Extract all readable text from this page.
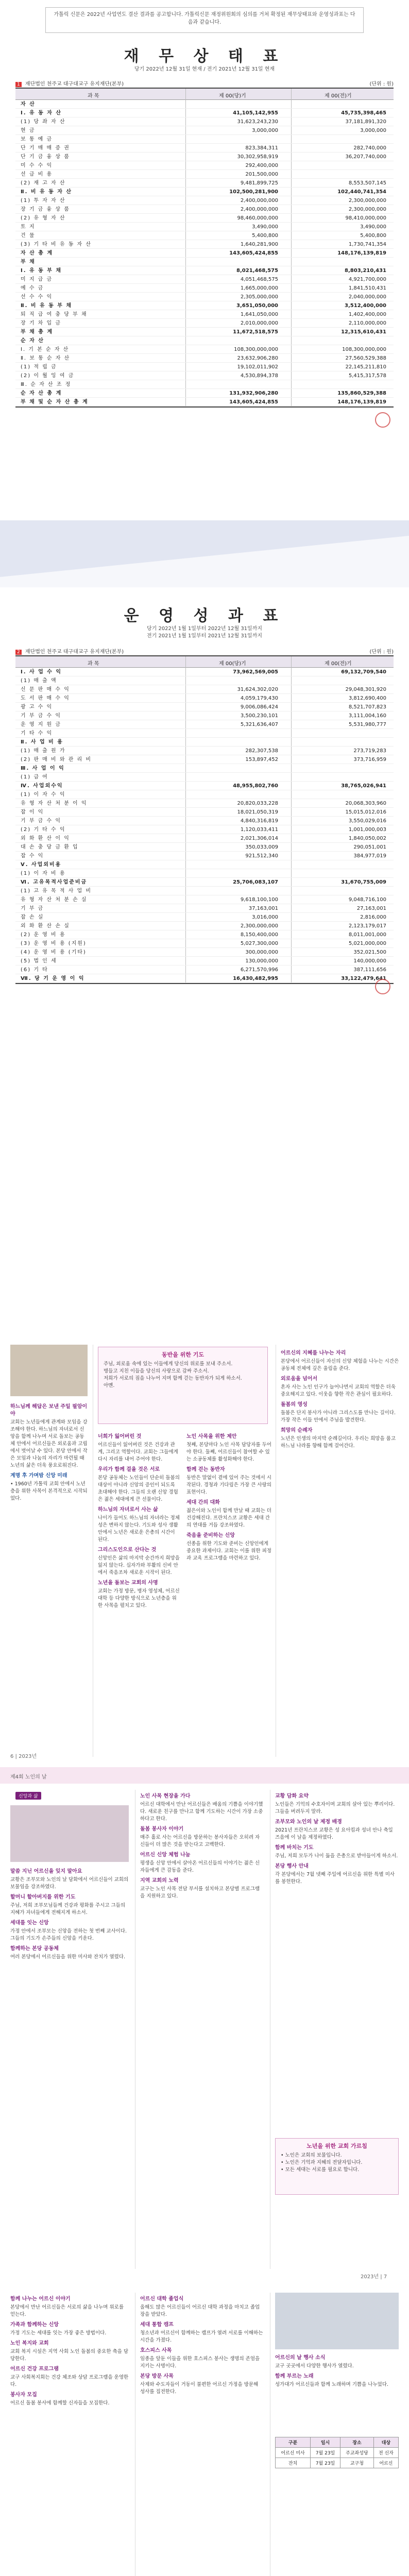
가톨릭 신문은 2022년 사업연도 결산 결과를 공고합니다. 가톨릭신문 재정위원회의 심의를 거쳐 확정된 재무상태표와 운영성과표는 다음과 같습니다.
재 무 상 태 표
당기 2022년 12월 31일 현재 / 전기 2021년 12월 31일 현재
1 재단법인 천주교 대구대교구 유지재단(본부)	(단위 : 원)
과 목	제 00(당)기	제 00(전)기
자 산
Ⅰ. 유 동 자 산	41,105,142,955	45,735,398,465
(1) 당 좌 자 산	31,623,243,230	37,181,891,320
현 금	3,000,000	3,000,000
보 통 예 금
단 기 매 매 증 권	823,384,311	282,740,000
단 기 금 융 상 품	30,302,958,919	36,207,740,000
미 수 수 익	292,400,000
선 급 비 용	201,500,000
(2) 재 고 자 산	9,481,899,725	8,553,507,145
Ⅱ. 비 유 동 자 산	102,500,281,900	102,440,741,354
(1) 투 자 자 산	2,400,000,000	2,300,000,000
장 기 금 융 상 품	2,400,000,000	2,300,000,000
(2) 유 형 자 산	98,460,000,000	98,410,000,000
토 지	3,490,000	3,490,000
건 물	5,400,800	5,400,800
(3) 기 타 비 유 동 자 산	1,640,281,900	1,730,741,354
자 산 총 계	143,605,424,855	148,176,139,819
부 채
Ⅰ. 유 동 부 채	8,021,468,575	8,803,210,431
미 지 급 금	4,051,468,575	4,921,700,000
예 수 금	1,665,000,000	1,841,510,431
선 수 수 익	2,305,000,000	2,040,000,000
Ⅱ. 비 유 동 부 채	3,651,050,000	3,512,400,000
퇴 직 급 여 충 당 부 채	1,641,050,000	1,402,400,000
장 기 차 입 금	2,010,000,000	2,110,000,000
부 채 총 계	11,672,518,575	12,315,610,431
순 자 산
Ⅰ. 기 본 순 자 산	108,300,000,000	108,300,000,000
Ⅱ. 보 통 순 자 산	23,632,906,280	27,560,529,388
(1) 적 립 금	19,102,011,902	22,145,211,810
(2) 이 월 잉 여 금	4,530,894,378	5,415,317,578
Ⅲ. 순 자 산 조 정
순 자 산 총 계	131,932,906,280	135,860,529,388
부 채 및 순 자 산 총 계	143,605,424,855	148,176,139,819
운 영 성 과 표
당기 2022년 1월 1일부터 2022년 12월 31일까지
전기 2021년 1월 1일부터 2021년 12월 31일까지
2 재단법인 천주교 대구대교구 유지재단(본부)	(단위 : 원)
과 목	제 00(당)기	제 00(전)기
Ⅰ. 사 업 수 익	73,962,569,005	69,132,709,540
(1) 매 출 액
신 문 판 매 수 익	31,624,302,020	29,048,301,920
도 서 판 매 수 익	4,059,179,430	3,812,690,400
광 고 수 익	9,006,086,424	8,521,707,823
기 부 금 수 익	3,500,230,101	3,111,004,160
운 영 지 원 금	5,321,636,407	5,531,980,777
기 타 수 익
Ⅱ. 사 업 비 용
(1) 매 출 원 가	282,307,538	273,719,283
(2) 판 매 비 와 관 리 비	153,897,452	373,716,959
Ⅲ. 사 업 이 익
(1) 급 여
Ⅳ. 사업외수익	48,955,802,760	38,765,026,941
(1) 이 자 수 익
유 형 자 산 처 분 이 익	20,820,033,228	20,068,303,960
잡 이 익	18,021,050,319	15,015,012,016
기 부 금 수 익	4,840,316,819	3,550,029,016
(2) 기 타 수 익	1,120,033,411	1,001,000,003
외 화 환 산 이 익	2,021,306,014	1,840,050,002
대 손 충 당 금 환 입	350,033,009	290,051,001
잡 수 익	921,512,340	384,977,019
Ⅴ. 사업외비용
(1) 이 자 비 용
Ⅵ. 고유목적사업준비금	25,706,083,107	31,670,755,009
(1) 고 유 목 적 사 업 비
유 형 자 산 처 분 손 실	9,618,100,100	9,048,716,100
기 부 금	37,163,001	27,163,001
잡 손 실	3,016,000	2,816,000
외 화 환 산 손 실	2,300,000,000	2,123,179,017
(2) 운 영 비 용	8,150,400,000	8,011,001,000
(3) 운 영 비 용 (지원)	5,027,300,000	5,021,000,000
(4) 운 영 비 용 (기타)	300,000,000	352,021,500
(5) 법 인 세	130,000,000	140,000,000
(6) 기 타	6,271,570,996	387,111,656
Ⅶ. 당 기 운 영 이 익	16,430,482,995	33,122,479,641
하느님께 해답은 보낸 주일 필암이야

교회는 노년들에게 관계와 모임을 강조해야 한다. 하느님의 자녀로서 신앙을 함께 나누며 서로 돌보는 공동체 안에서 어르신들은 외로움과 고립에서 벗어날 수 있다. 본당 안에서 작은 모임과 나눔의 자리가 마련될 때 노년의 삶은 더욱 풍요로워진다.

계명 후 가며밤 신앙 미래

• 1960년 가톨릭 교회 안에서 노년층을 위한 사목이 본격적으로 시작되었다.

동반을 위한 기도

주님, 외로움 속에 있는 이들에게 당신의 위로를 보내 주소서.

병들고 지친 이들을 당신의 사랑으로 감싸 주소서.

저희가 서로의 짐을 나누어 지며 함께 걷는 동반자가 되게 하소서.

아멘.

너희가 잃어버린 것

어르신들이 잃어버린 것은 건강과 관계, 그리고 역할이다. 교회는 그들에게 다시 자리를 내어 주어야 한다.

우리가 함께 걸을 것은 서로

본당 공동체는 노인들이 단순히 돌봄의 대상이 아니라 신앙의 증인이 되도록 초대해야 한다. 그들의 오랜 신앙 경험은 젊은 세대에게 큰 선물이다.

하느님의 자녀로서 사는 삶

나이가 들어도 하느님의 자녀라는 정체성은 변하지 않는다. 기도와 성사 생활 안에서 노년은 새로운 은총의 시간이 된다.

그리스도인으로 산다는 것

신앙인은 삶의 마지막 순간까지 희망을 잃지 않는다. 십자가와 부활의 신비 안에서 죽음조차 새로운 시작이 된다.

노년을 돌보는 교회의 사명

교회는 가정 방문, 병자 영성체, 어르신 대학 등 다양한 방식으로 노년층을 위한 사목을 펼치고 있다.

노인 사목을 위한 제안

첫째, 본당마다 노인 사목 담당자를 두어야 한다. 둘째, 어르신들이 참여할 수 있는 소공동체를 활성화해야 한다.

함께 걷는 동반자

동반은 말없이 곁에 있어 주는 것에서 시작된다. 경청과 기다림은 가장 큰 사랑의 표현이다.

세대 간의 대화

젊은이와 노인이 함께 만날 때 교회는 더 건강해진다. 프란치스코 교황은 세대 간의 연대를 거듭 강조하였다.

죽음을 준비하는 신앙

선종을 위한 기도와 준비는 신앙인에게 중요한 과제이다. 교회는 이를 위한 피정과 교육 프로그램을 마련하고 있다.

어르신의 지혜를 나누는 자리

본당에서 어르신들이 자신의 신앙 체험을 나누는 시간은 공동체 전체에 깊은 울림을 준다.

외로움을 넘어서

혼자 사는 노인 인구가 늘어나면서 교회의 역할은 더욱 중요해지고 있다. 이웃을 향한 작은 관심이 필요하다.

돌봄의 영성

돌봄은 단지 봉사가 아니라 그리스도를 만나는 길이다. 가장 작은 이들 안에서 주님을 발견한다.

희망의 순례자

노년은 인생의 마지막 순례길이다. 우리는 희망을 품고 하느님 나라를 향해 함께 걸어간다.

6 | 2023년
제4회 노인의 날
신앙과 삶
말씀 지닌 어르신을 잊지 말아요

교황은 조부모와 노인의 날 담화에서 어르신들이 교회의 보물임을 강조하였다.

할머니 할아버지를 위한 기도

주님, 저희 조부모님들께 건강과 평화를 주시고 그들의 지혜가 자녀들에게 전해지게 하소서.

세대를 잇는 신앙

가정 안에서 조부모는 신앙을 전하는 첫 번째 교사이다. 그들의 기도가 손주들의 신앙을 키운다.

함께하는 본당 공동체

여러 본당에서 어르신들을 위한 미사와 잔치가 열렸다.

노인 사목 현장을 가다

어르신 대학에서 만난 어르신들은 배움의 기쁨을 이야기했다. 새로운 친구를 만나고 함께 기도하는 시간이 가장 소중하다고 한다.

돌봄 봉사자 이야기

매주 홀로 사는 어르신을 방문하는 봉사자들은 오히려 자신들이 더 많은 것을 받는다고 고백한다.

어르신 신앙 체험 나눔

평생을 신앙 안에서 살아온 어르신들의 이야기는 젊은 신자들에게 큰 감동을 준다.

지역 교회의 노력

교구는 노인 사목 전담 부서를 설치하고 본당별 프로그램을 지원하고 있다.

교황 담화 요약

노인들은 기억의 수호자이며 교회의 살아 있는 뿌리이다. 그들을 버려두지 말라.

조부모와 노인의 날 제정 배경

2021년 프란치스코 교황은 성 요아킴과 성녀 안나 축일 즈음에 이 날을 제정하였다.

함께 바치는 기도

주님, 저희 모두가 나이 듦을 은총으로 받아들이게 하소서.

본당 행사 안내

각 본당에서는 7월 넷째 주일에 어르신을 위한 특별 미사를 봉헌한다.

노년을 위한 교회 가르침

• 노인은 교회의 보물입니다.

• 노인은 기억과 지혜의 전달자입니다.

• 모든 세대는 서로를 필요로 합니다.

2023년 | 7
함께 나누는 어르신 이야기

본당에서 만난 어르신들은 서로의 삶을 나누며 위로를 얻는다.

가족과 함께하는 신앙

가정 기도는 세대를 잇는 가장 좋은 방법이다.

노인 복지와 교회

교회 복지 시설은 지역 사회 노인 돌봄의 중요한 축을 담당한다.

어르신 건강 프로그램

교구 사회복지회는 건강 체조와 상담 프로그램을 운영한다.

봉사자 모집

어르신 돌봄 봉사에 함께할 신자들을 모집한다.

어르신 대학 졸업식

올해도 많은 어르신들이 어르신 대학 과정을 마치고 졸업장을 받았다.

세대 통합 캠프

청소년과 어르신이 함께하는 캠프가 열려 서로를 이해하는 시간을 가졌다.

호스피스 사목

임종을 앞둔 이들을 위한 호스피스 봉사는 생명의 존엄을 지키는 사명이다.

본당 방문 사목

사제와 수도자들이 거동이 불편한 어르신 가정을 방문해 성사를 집전한다.

어르신의 날 행사 소식

교구 곳곳에서 다양한 행사가 열렸다.

함께 부르는 노래

성가대가 어르신들과 함께 노래하며 기쁨을 나누었다.

구분	일시	장소	대상
어르신 미사	7월 23일	주교좌성당	전 신자
잔치	7월 23일	교구청	어르신
